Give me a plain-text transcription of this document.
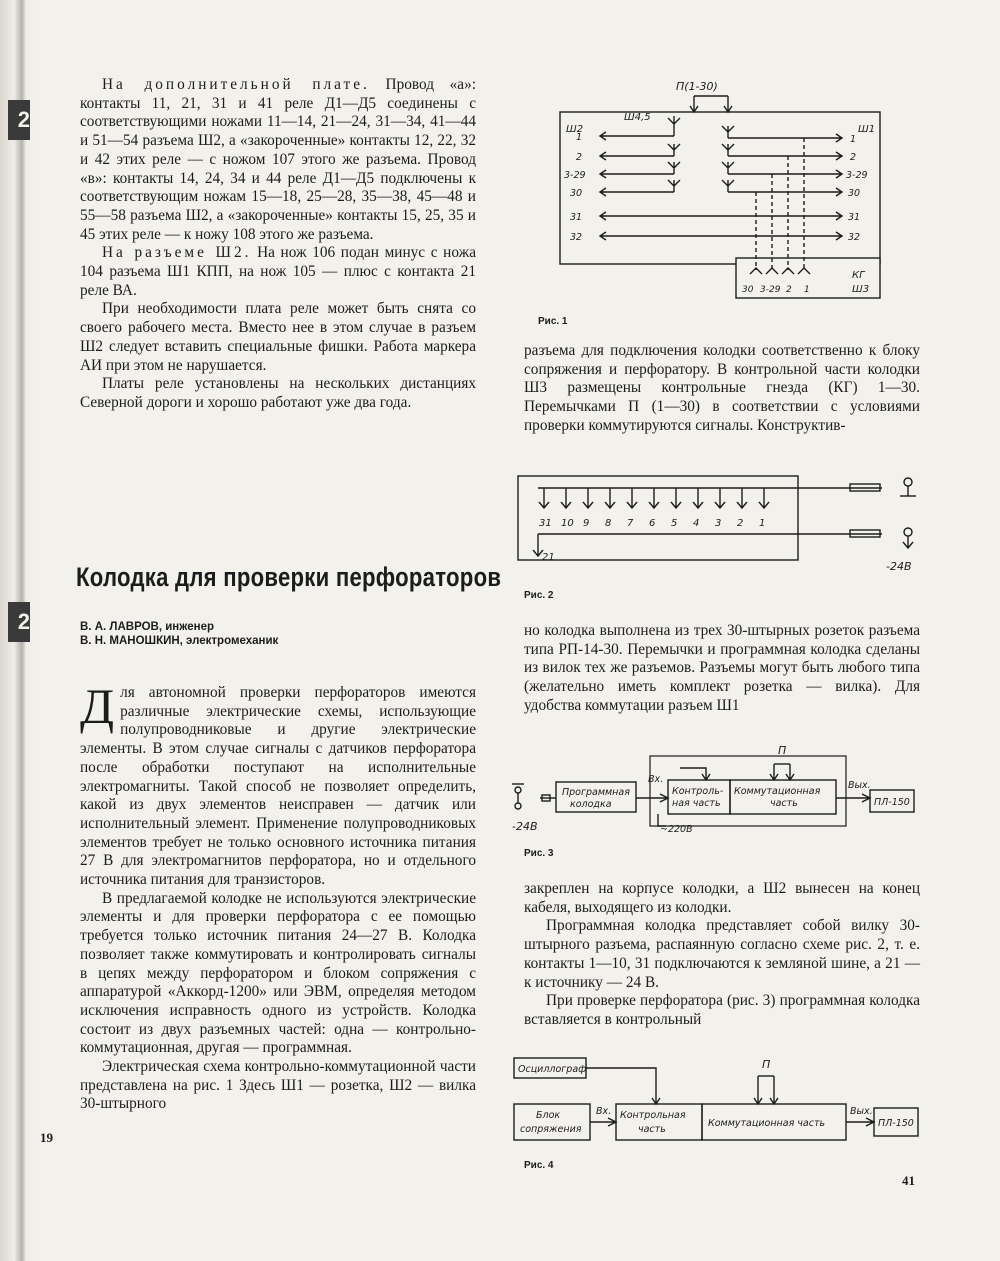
2
2

На дополнительной плате. Провод «а»: контакты 11, 21, 31 и 41 реле Д1—Д5 соединены с соответствующими ножами 11—14, 21—24, 31—34, 41—44 и 51—54 разъема Ш2, а «закороченные» контакты 12, 22, 32 и 42 этих реле — с ножом 107 этого же разъема. Провод «в»: контакты 14, 24, 34 и 44 реле Д1—Д5 подключены к соответствующим ножам 15—18, 25—28, 35—38, 45—48 и 55—58 разъема Ш2, а «закороченные» контакты 15, 25, 35 и 45 этих реле — к ножу 108 этого же разъема.

На разъеме Ш2. На нож 106 подан минус с ножа 104 разъема Ш1 КПП, на нож 105 — плюс с контакта 21 реле ВА.

При необходимости плата реле может быть снята со своего рабочего места. Вместо нее в этом случае в разъем Ш2 следует вставить специальные фишки. Работа маркера АИ при этом не нарушается.

Платы реле установлены на нескольких дистанциях Северной дороги и хорошо работают уже два года.

Колодка для проверки перфораторов
В. А. ЛАВРОВ, инженер
В. Н. МАНОШКИН, электромеханик

Для автономной проверки перфораторов имеются различные электрические схемы, использующие полупроводниковые и другие электрические элементы. В этом случае сигналы с датчиков перфоратора после обработки поступают на исполнительные электромагниты. Такой способ не позволяет определить, какой из двух элементов неисправен — датчик или исполнительный элемент. Применение полупроводниковых элементов требует не только основного источника питания 27 В для электромагнитов перфоратора, но и отдельного источника питания для транзисторов.

В предлагаемой колодке не используются электрические элементы и для проверки перфоратора с ее помощью требуется только источник питания 24—27 В. Колодка позволяет также коммутировать и контролировать сигналы в цепях между перфоратором и блоком сопряжения с аппаратурой «Аккорд-1200» или ЭВМ, определяя методом исключения исправность одного из устройств. Колодка состоит из двух разъемных частей: одна — контрольно-коммутационная, другая — программная.

Электрическая схема контрольно-коммутационной части представлена на рис. 1 Здесь Ш1 — розетка, Ш2 — вилка 30-штырного

разъема для подключения колодки соответственно к блоку сопряжения и перфоратору. В контрольной части колодки Ш3 размещены контрольные гнезда (КГ) 1—30. Перемычками П (1—30) в соответствии с условиями проверки коммутируются сигналы. Конструктив-

но колодка выполнена из трех 30-штырных розеток разъема типа РП-14-30. Перемычки и программная колодка сделаны из вилок тех же разъемов. Разъемы могут быть любого типа (желательно иметь комплект розетка — вилка). Для удобства коммутации разъем Ш1

закреплен на корпусе колодки, а Ш2 вынесен на конец кабеля, выходящего из колодки.

Программная колодка представляет собой вилку 30-штырного разъема, распаянную согласно схеме рис. 2, т. е. контакты 1—10, 31 подключаются к земляной шине, а 21 — к источнику — 24 В.

При проверке перфоратора (рис. 3) программная колодка вставляется в контрольный

П(1-30)
Ш4,5
Ш2	Ш1
1
2
3-29
30
31
32
1
2
3-29
30
31
32
30 3-29 2 1
КГ
Ш3
Рис. 1
31 10 9 8 7 6 5 4 3 2 1
21
-24В
Рис. 2
Программная
колодка
Вх.
Контроль-
ная часть
Коммутационная
часть
Вых.
ПЛ-150
П
~220В
-24В
Рис. 3
Осциллограф
Блок
сопряжения
Вх. Контрольная
часть
Коммутационная часть
Вых.
ПЛ-150
П
Рис. 4
19
41
